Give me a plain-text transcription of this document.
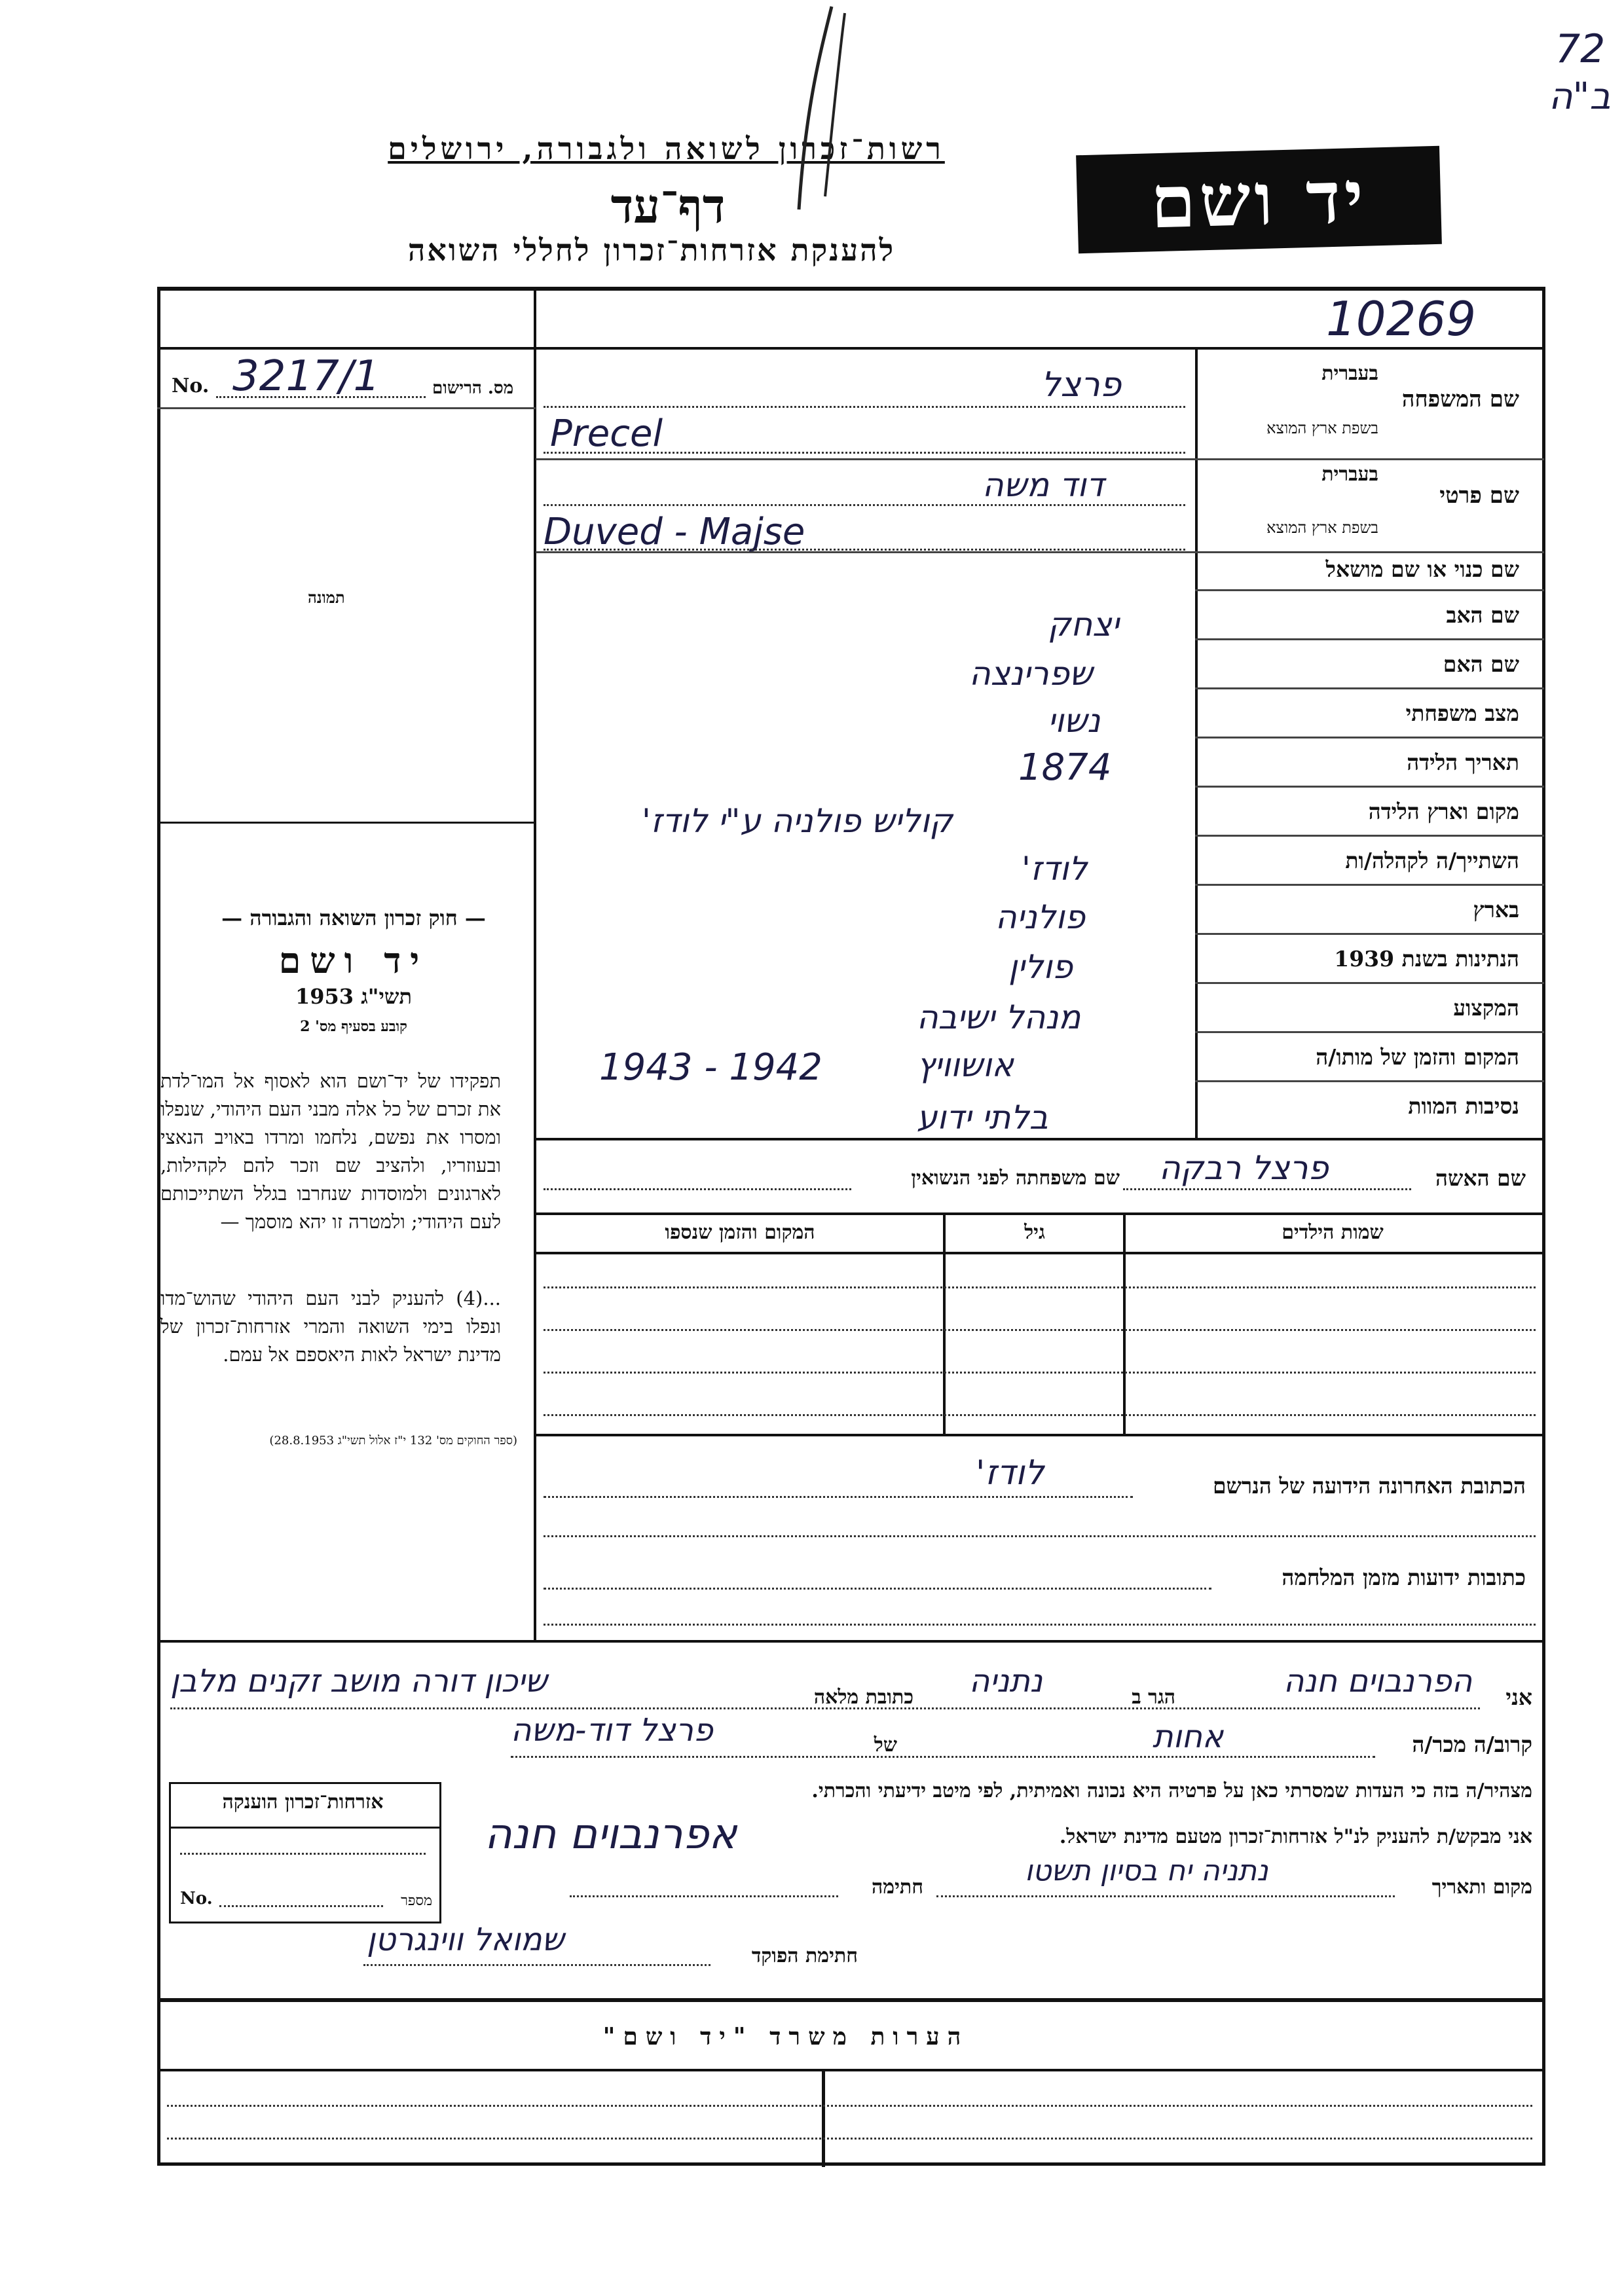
72
ב"ה
רשות־זכרון לשואה ולגבורה, ירושלים
דף־עד
להענקת אזרחות־זכרון לחללי השואה
יד ושם
10269
No. 3217/1	מס. הרישום
תמונה
— חוק זכרון השואה והגבורה —
יד ושם
תשי"ג 1953
קובע בסעיף מס' 2
תפקידו של יד־ושם הוא לאסוף אל המו־לדת את זכרם של כל אלה מבני העם היהודי, שנפלו ומסרו את נפשם, נלחמו ומרדו באויב הנאצי ובעוזריו, ולהציב שם וזכר להם לקהילות, לארגונים ולמוסדות שנחרבו בגלל השתייכותם לעם היהודי; ולמטרה זו יהא מוסמך —
...(4) להעניק לבני העם היהודי שהוש־מדו ונפלו בימי השואה והמרי אזרחות־זכרון של מדינת ישראל לאות היאספם אל עמם.
(ספר החוקים מס' 132 י"ז אלול תשי"ג 28.8.1953)
שם המשפחה
בעברית
בשפת ארץ המוצא
פרצל
Precel
שם פרטי
בעברית
בשפת ארץ המוצא
דוד משה
Duved - Majse
שם כנוי או שם מושאל
שם האב
יצחק
שם האם
שפרינצה
מצב משפחתי
נשוי
תאריך הלידה
1874
מקום וארץ הלידה
קוליש פולניה ע"י לודז'
השתייך/ה לקהלה/ות
לודז'
בארץ
פולניה
הנתינות בשנת 1939
פולין
המקצוע
מנהל ישיבה
המקום והזמן של מותו/ה
אושוויץ
1943 - 1942
נסיבות המוות
בלתי ידוע
שם האשה
פרצל רבקה
שם משפחתה לפני הנשואין
שמות הילדים
גיל
המקום והזמן שנספו
הכתובת האחרונה הידועה של הנרשם
לודז'
כתובות ידועות מזמן המלחמה
אני
הפרנבוים חנה
הגר ב
נתניה
כתובת מלאה
שיכון דורה מושב זקנים מלבן
קרוב/ה מכר/ה
אחות
של
פרצל דוד-משה
מצהיר/ה בזה כי העדות שמסרתי כאן על פרטיה היא נכונה ואמיתית, לפי מיטב ידיעתי והכרתי.
אני מבקש/ת להעניק לנ"ל אזרחות־זכרון מטעם מדינת ישראל.
אפרנבוים חנה
מקום ותאריך
נתניה יח בסיון תשטו
חתימה
חתימת הפוקד
שמואל ווינגרטן
אזרחות־זכרון הוענקה
No.	מספר
הערות משרד "יד ושם"
